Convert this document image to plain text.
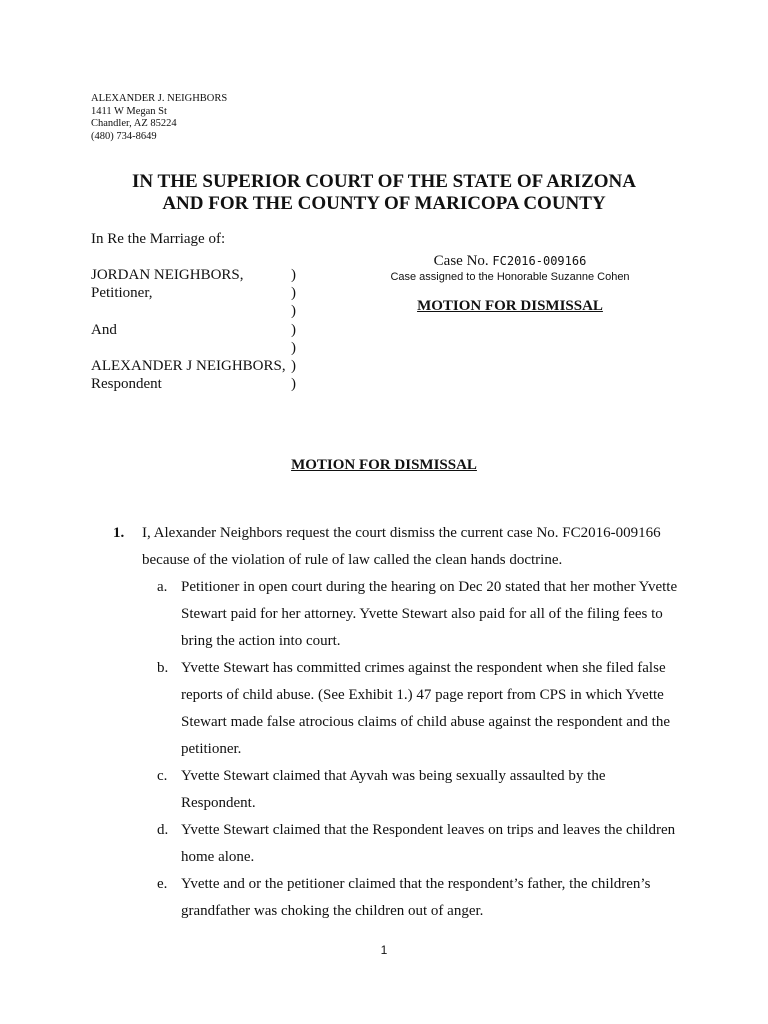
ALEXANDER J. NEIGHBORS
1411 W Megan St
Chandler, AZ 85224
(480) 734-8649
IN THE SUPERIOR COURT OF THE STATE OF ARIZONA
AND FOR THE COUNTY OF MARICOPA COUNTY
In Re the Marriage of:
JORDAN NEIGHBORS,	)
Petitioner,	)
)
And	)
)
ALEXANDER J NEIGHBORS, )
Respondent	)
Case No. FC2016-009166
Case assigned to the Honorable Suzanne Cohen
MOTION FOR DISMISSAL
MOTION FOR DISMISSAL
1.	I, Alexander Neighbors request the court dismiss the current case No. FC2016-009166 because of the violation of rule of law called the clean hands doctrine.
a. Petitioner in open court during the hearing on Dec 20 stated that her mother Yvette Stewart paid for her attorney. Yvette Stewart also paid for all of the filing fees to bring the action into court.
b. Yvette Stewart has committed crimes against the respondent when she filed false reports of child abuse. (See Exhibit 1.) 47 page report from CPS in which Yvette Stewart made false atrocious claims of child abuse against the respondent and the petitioner.
c. Yvette Stewart claimed that Ayvah was being sexually assaulted by the Respondent.
d. Yvette Stewart claimed that the Respondent leaves on trips and leaves the children home alone.
e. Yvette and or the petitioner claimed that the respondent’s father, the children’s grandfather was choking the children out of anger.
1
